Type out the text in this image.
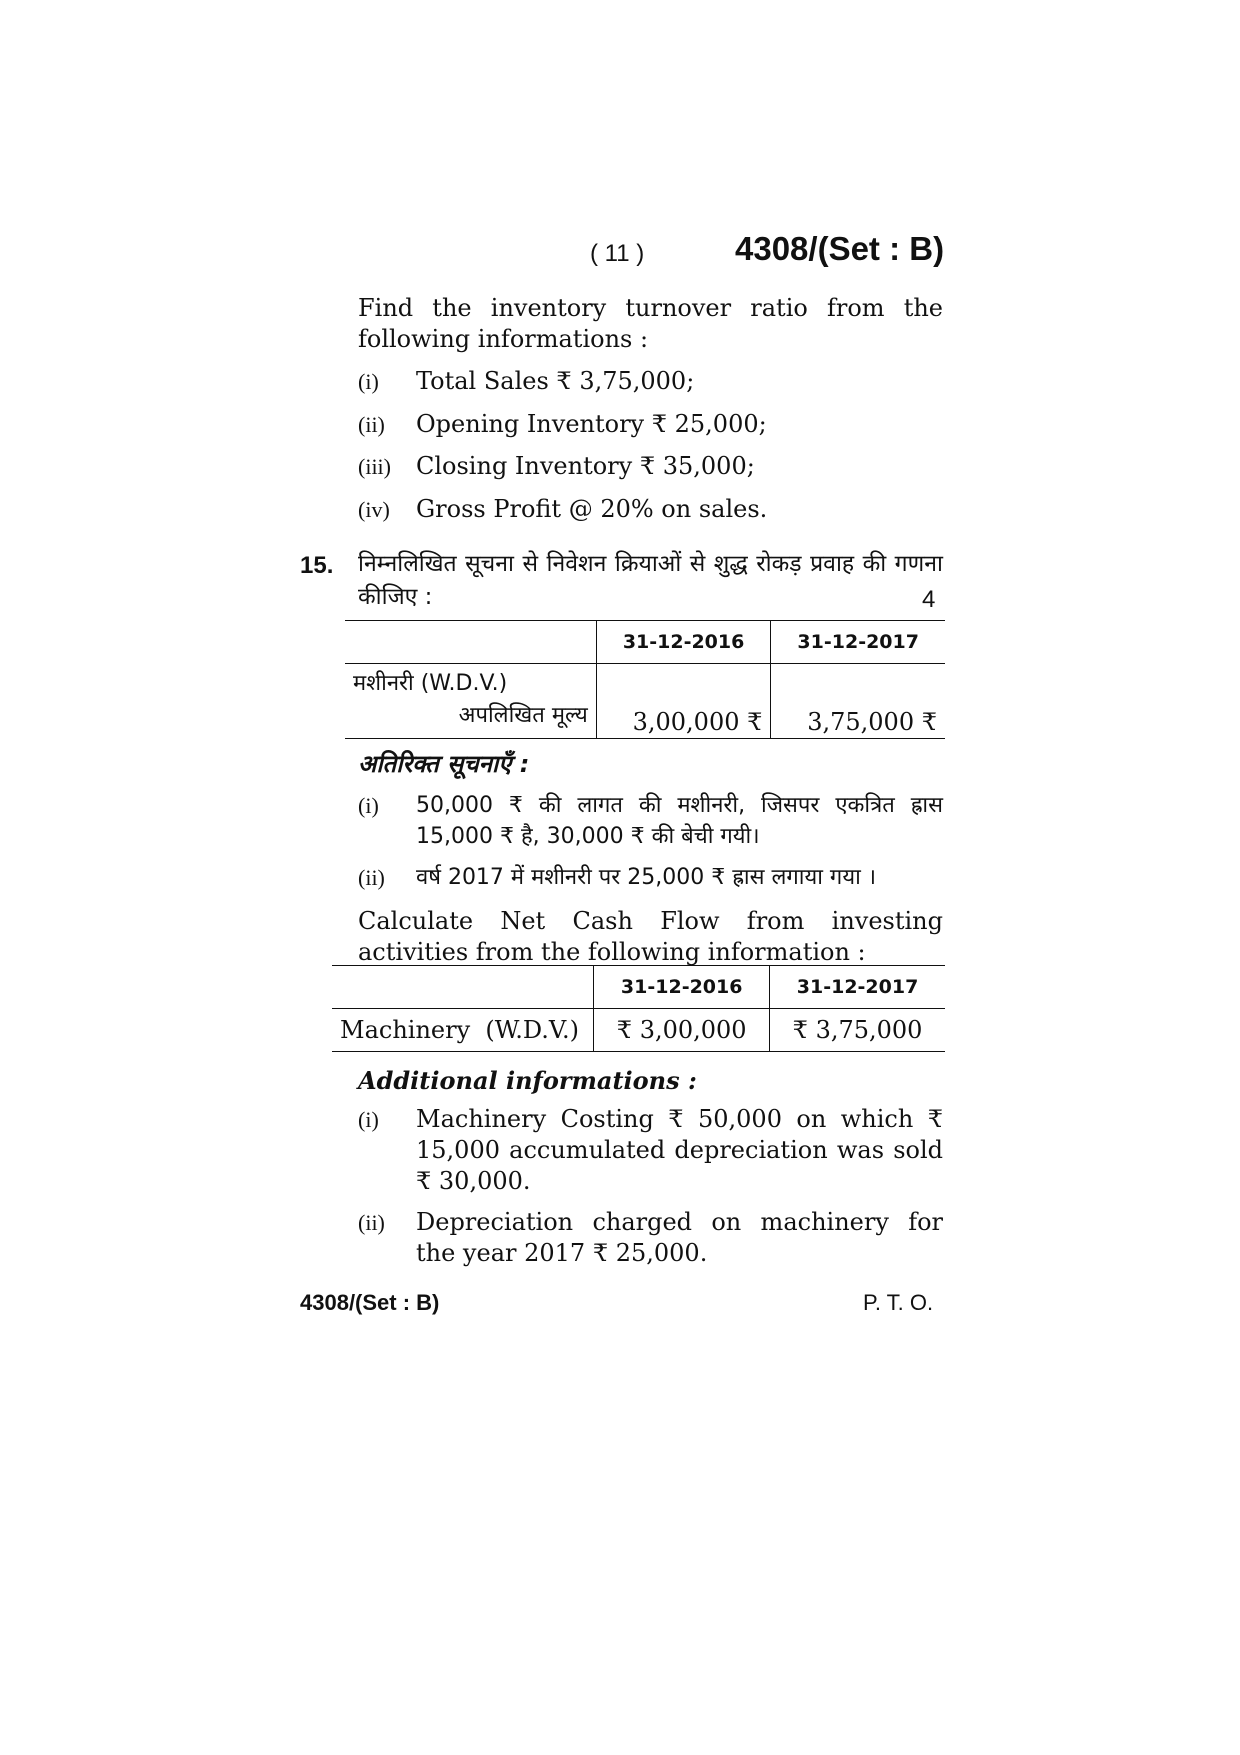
( 11 )	4308/(Set : B)
Find the inventory turnover ratio from the following informations :
(i) Total Sales ₹ 3,75,000;
(ii) Opening Inventory ₹ 25,000;
(iii) Closing Inventory ₹ 35,000;
(iv) Gross Profit @ 20% on sales.
15. निम्नलिखित सूचना से निवेशन क्रियाओं से शुद्ध रोकड़ प्रवाह की गणना कीजिए :	4
	31-12-2016	31-12-2017

मशीनरी (W.D.V.)
अपलिखित मूल्य	3,00,000 ₹	3,75,000 ₹
अतिरिक्त सूचनाएँ :
(i) 50,000 ₹ की लागत की मशीनरी, जिसपर एकत्रित ह्रास 15,000 ₹ है, 30,000 ₹ की बेची गयी।
(ii) वर्ष 2017 में मशीनरी पर 25,000 ₹ ह्रास लगाया गया ।
Calculate Net Cash Flow from investing activities from the following information :
	31-12-2016	31-12-2017
Machinery  (W.D.V.)	₹ 3,00,000	₹ 3,75,000
Additional informations :
(i) Machinery Costing ₹ 50,000 on which ₹ 15,000 accumulated depreciation was sold ₹ 30,000.
(ii) Depreciation charged on machinery for the year 2017 ₹ 25,000.
4308/(Set : B)	P. T. O.
